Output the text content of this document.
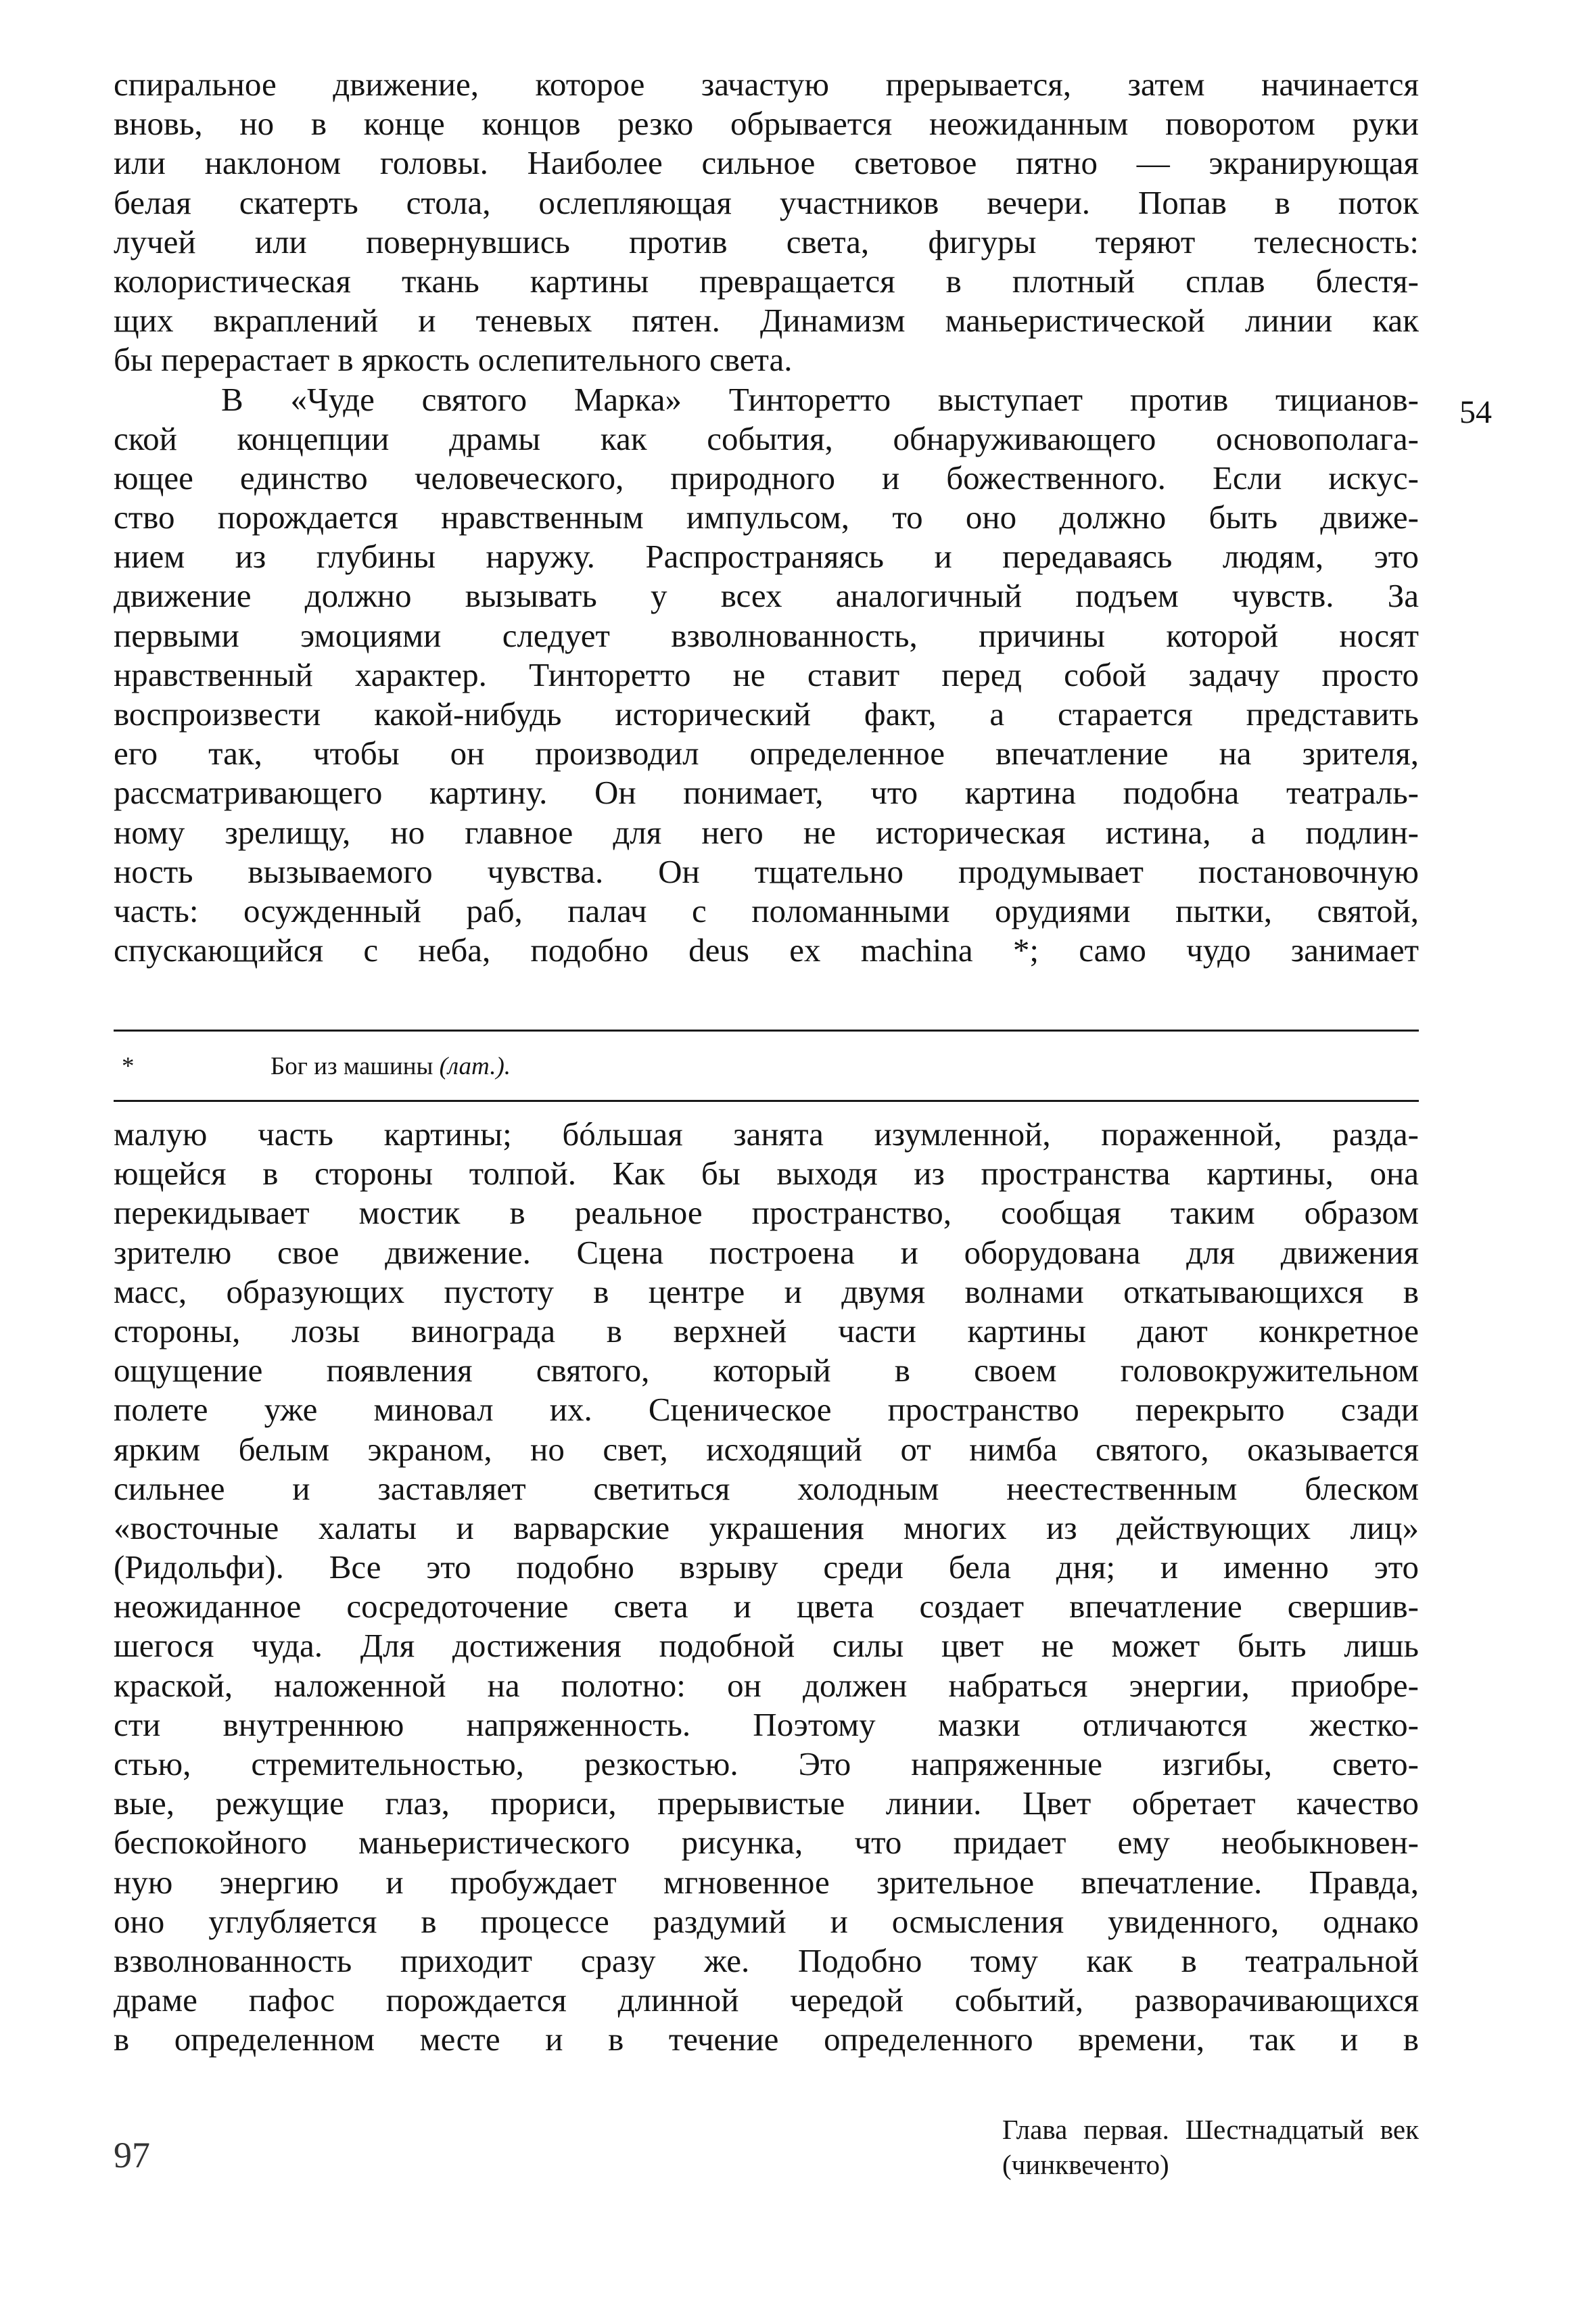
спиральное движение, которое зачастую прерывается, затем начинается
вновь, но в конце концов резко обрывается неожиданным поворотом руки
или наклоном головы. Наиболее сильное световое пятно — экранирующая
белая скатерть стола, ослепляющая участников вечери. Попав в поток
лучей или повернувшись против света, фигуры теряют телесность:
колористическая ткань картины превращается в плотный сплав блестя-
щих вкраплений и теневых пятен. Динамизм маньеристической линии как
бы перерастает в яркость ослепительного света.
В «Чуде святого Марка» Тинторетто выступает против тицианов-
ской концепции драмы как события, обнаруживающего основополага-
ющее единство человеческого, природного и божественного. Если искус-
ство порождается нравственным импульсом, то оно должно быть движе-
нием из глубины наружу. Распространяясь и передаваясь людям, это
движение должно вызывать у всех аналогичный подъем чувств. За
первыми эмоциями следует взволнованность, причины которой носят
нравственный характер. Тинторетто не ставит перед собой задачу просто
воспроизвести какой-нибудь исторический факт, а старается представить
его так, чтобы он производил определенное впечатление на зрителя,
рассматривающего картину. Он понимает, что картина подобна театраль-
ному зрелищу, но главное для него не историческая истина, а подлин-
ность вызываемого чувства. Он тщательно продумывает постановочную
часть: осужденный раб, палач с поломанными орудиями пытки, святой,
спускающийся с неба, подобно deus ex machina *; само чудо занимает
54
*	Бог из машины (лат.).
малую часть картины; бóльшая занята изумленной, пораженной, разда-
ющейся в стороны толпой. Как бы выходя из пространства картины, она
перекидывает мостик в реальное пространство, сообщая таким образом
зрителю свое движение. Сцена построена и оборудована для движения
масс, образующих пустоту в центре и двумя волнами откатывающихся в
стороны, лозы винограда в верхней части картины дают конкретное
ощущение появления святого, который в своем головокружительном
полете уже миновал их. Сценическое пространство перекрыто сзади
ярким белым экраном, но свет, исходящий от нимба святого, оказывается
сильнее и заставляет светиться холодным неестественным блеском
«восточные халаты и варварские украшения многих из действующих лиц»
(Ридольфи). Все это подобно взрыву среди бела дня; и именно это
неожиданное сосредоточение света и цвета создает впечатление свершив-
шегося чуда. Для достижения подобной силы цвет не может быть лишь
краской, наложенной на полотно: он должен набраться энергии, приобре-
сти внутреннюю напряженность. Поэтому мазки отличаются жестко-
стью, стремительностью, резкостью. Это напряженные изгибы, свето-
вые, режущие глаз, прориси, прерывистые линии. Цвет обретает качество
беспокойного маньеристического рисунка, что придает ему необыкновен-
ную энергию и пробуждает мгновенное зрительное впечатление. Правда,
оно углубляется в процессе раздумий и осмысления увиденного, однако
взволнованность приходит сразу же. Подобно тому как в театральной
драме пафос порождается длинной чередой событий, разворачивающихся
в определенном месте и в течение определенного времени, так и в
97
Глава первая. Шестнадцатый век
(чинквеченто)
